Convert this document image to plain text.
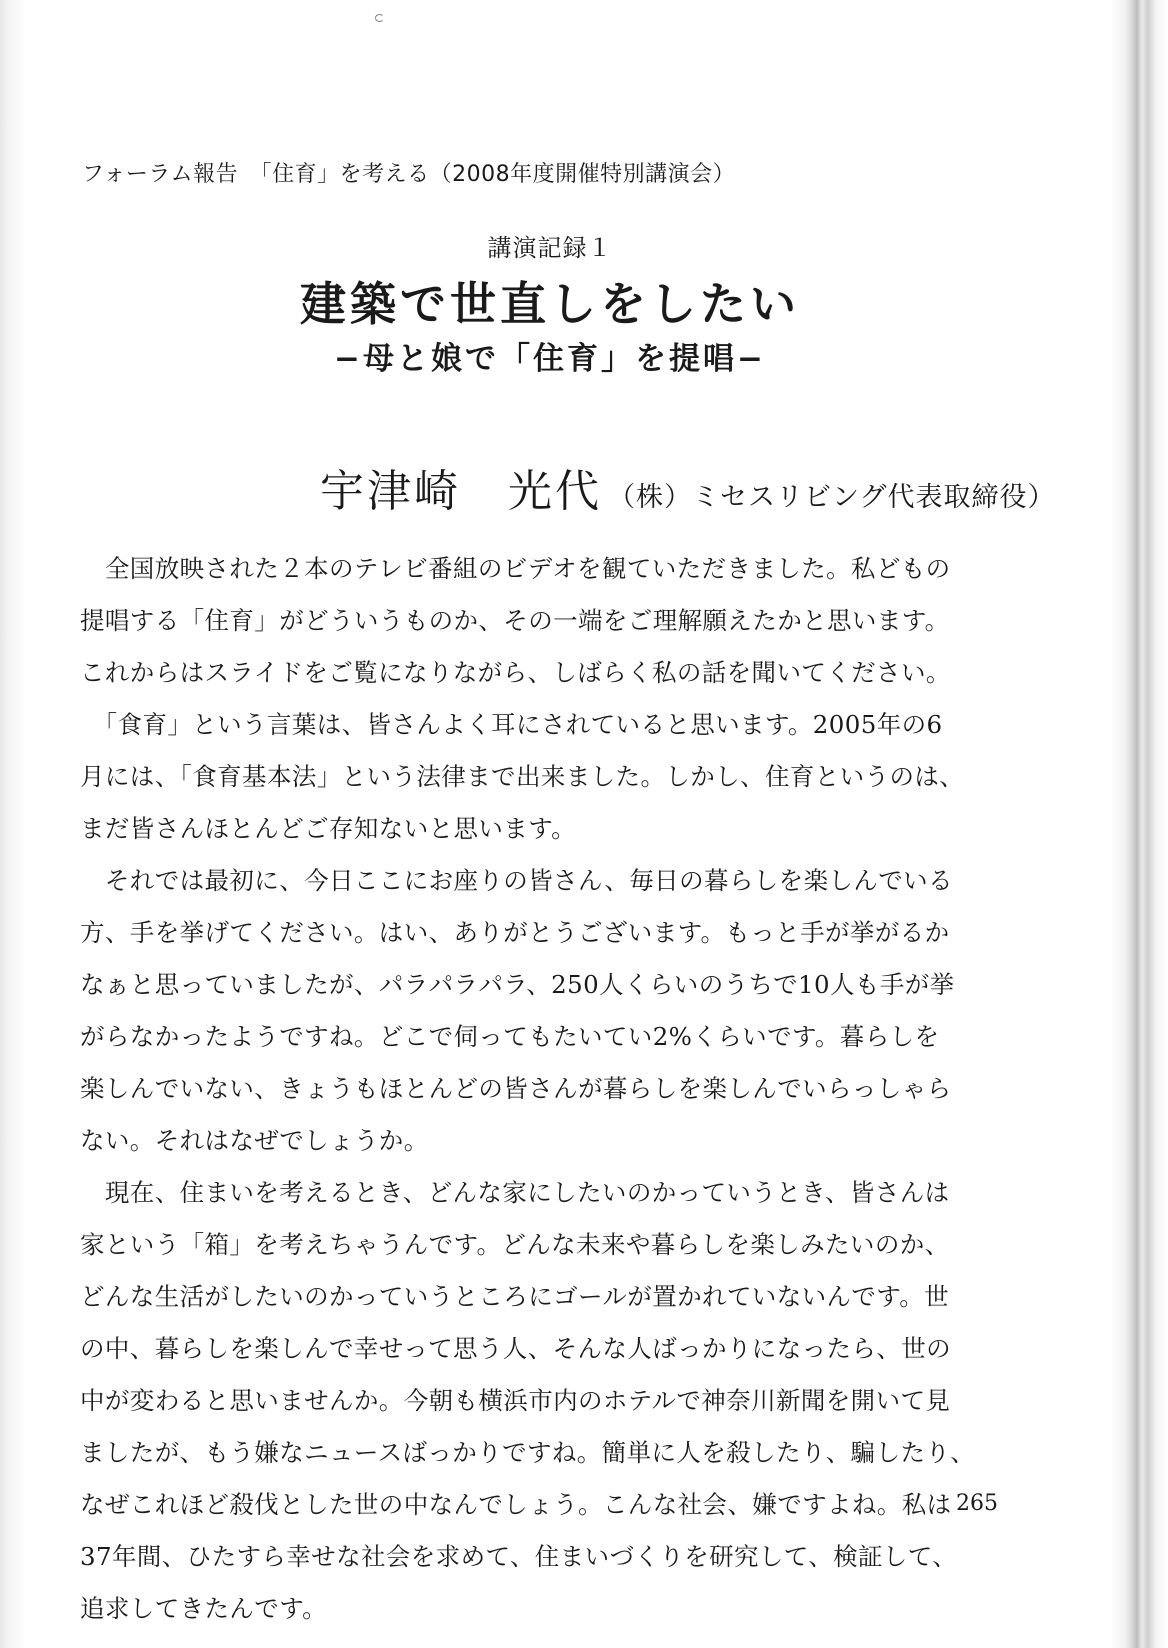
フォーラム報告　「住育」を考える（2008年度開催特別講演会）
講演記録１
建築で世直しをしたい
−母と娘で「住育」を提唱−
宇津崎　光代 （株）ミセスリビング代表取締役）

　全国放映された２本のテレビ番組のビデオを観ていただきました。私どもの
提唱する「住育」がどういうものか、その一端をご理解願えたかと思います。
これからはスライドをご覧になりながら、しばらく私の話を聞いてください。

　「食育」という言葉は、皆さんよく耳にされていると思います。2005年の6
月には、「食育基本法」という法律まで出来ました。しかし、住育というのは、
まだ皆さんほとんどご存知ないと思います。

　それでは最初に、今日ここにお座りの皆さん、毎日の暮らしを楽しんでいる
方、手を挙げてください。はい、ありがとうございます。もっと手が挙がるか
なぁと思っていましたが、パラパラパラ、250人くらいのうちで10人も手が挙
がらなかったようですね。どこで伺ってもたいてい2%くらいです。暮らしを
楽しんでいない、きょうもほとんどの皆さんが暮らしを楽しんでいらっしゃら
ない。それはなぜでしょうか。

　現在、住まいを考えるとき、どんな家にしたいのかっていうとき、皆さんは
家という「箱」を考えちゃうんです。どんな未来や暮らしを楽しみたいのか、
どんな生活がしたいのかっていうところにゴールが置かれていないんです。世
の中、暮らしを楽しんで幸せって思う人、そんな人ばっかりになったら、世の
中が変わると思いませんか。今朝も横浜市内のホテルで神奈川新聞を開いて見
ましたが、もう嫌なニュースばっかりですね。簡単に人を殺したり、騙したり、
なぜこれほど殺伐とした世の中なんでしょう。こんな社会、嫌ですよね。私は
37年間、ひたすら幸せな社会を求めて、住まいづくりを研究して、検証して、
追求してきたんです。

265
